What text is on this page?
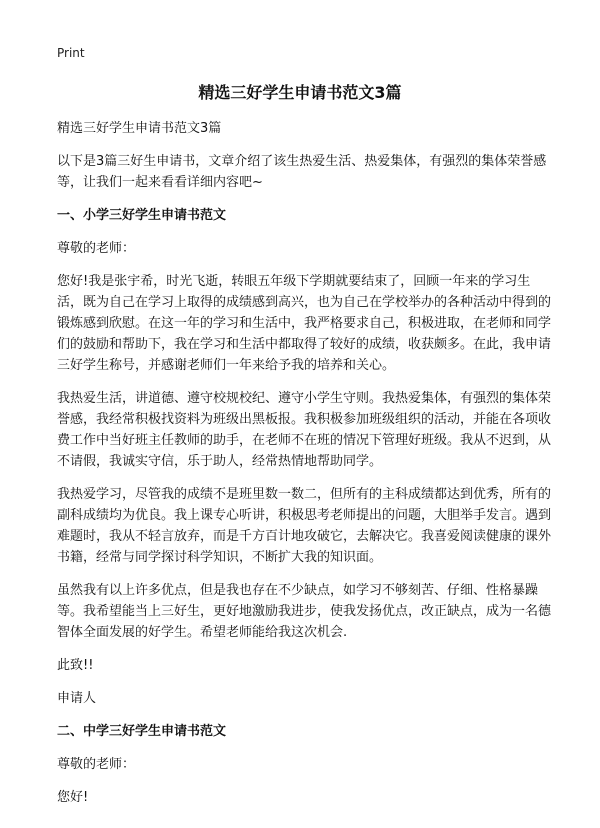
Print
精选三好学生申请书范文3篇

精选三好学生申请书范文3篇

以下是3篇三好生申请书，文章介绍了该生热爱生活、热爱集体，有强烈的集体荣誉感等，让我们一起来看看详细内容吧~

一、小学三好学生申请书范文

尊敬的老师：

您好!我是张宇希，时光飞逝，转眼五年级下学期就要结束了，回顾一年来的学习生活，既为自己在学习上取得的成绩感到高兴，也为自己在学校举办的各种活动中得到的锻炼感到欣慰。在这一年的学习和生活中，我严格要求自己，积极进取，在老师和同学们的鼓励和帮助下，我在学习和生活中都取得了较好的成绩，收获颇多。在此，我申请三好学生称号，并感谢老师们一年来给予我的培养和关心。

我热爱生活，讲道德、遵守校规校纪、遵守小学生守则。我热爱集体，有强烈的集体荣誉感，我经常积极找资料为班级出黑板报。我积极参加班级组织的活动，并能在各项收费工作中当好班主任教师的助手，在老师不在班的情况下管理好班级。我从不迟到，从不请假，我诚实守信，乐于助人，经常热情地帮助同学。

我热爱学习，尽管我的成绩不是班里数一数二，但所有的主科成绩都达到优秀，所有的副科成绩均为优良。我上课专心听讲，积极思考老师提出的问题，大胆举手发言。遇到难题时，我从不轻言放弃，而是千方百计地攻破它，去解决它。我喜爱阅读健康的课外书籍，经常与同学探讨科学知识，不断扩大我的知识面。

虽然我有以上许多优点，但是我也存在不少缺点，如学习不够刻苦、仔细、性格暴躁等。我希望能当上三好生，更好地激励我进步，使我发扬优点，改正缺点，成为一名德智体全面发展的好学生。希望老师能给我这次机会.

此致!!

申请人

二、中学三好学生申请书范文

尊敬的老师：

您好!
